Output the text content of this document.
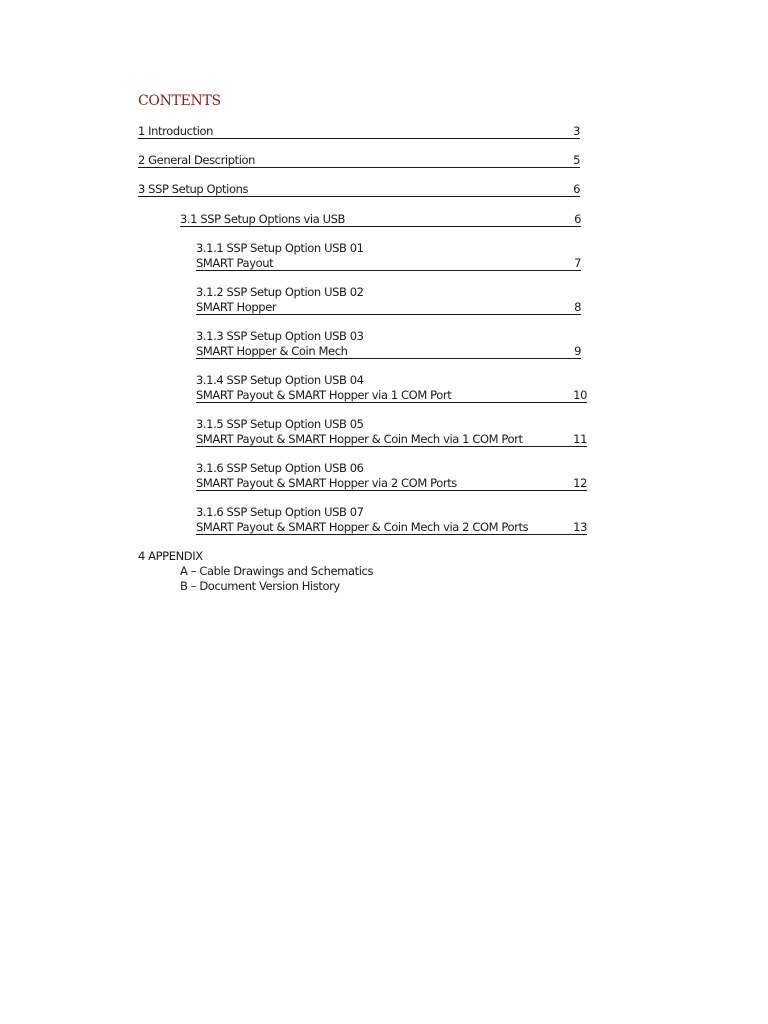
CONTENTS
1 Introduction	3
2 General Description	5
3 SSP Setup Options	6
3.1 SSP Setup Options via USB	6
3.1.1 SSP Setup Option USB 01
SMART Payout	7
3.1.2 SSP Setup Option USB 02
SMART Hopper	8
3.1.3 SSP Setup Option USB 03
SMART Hopper & Coin Mech	9
3.1.4 SSP Setup Option USB 04
SMART Payout & SMART Hopper via 1 COM Port	10
3.1.5 SSP Setup Option USB 05
SMART Payout & SMART Hopper & Coin Mech via 1 COM Port	11
3.1.6 SSP Setup Option USB 06
SMART Payout & SMART Hopper via 2 COM Ports	12
3.1.6 SSP Setup Option USB 07
SMART Payout & SMART Hopper & Coin Mech via 2 COM Ports	13
4 APPENDIX
A – Cable Drawings and Schematics
B – Document Version History
